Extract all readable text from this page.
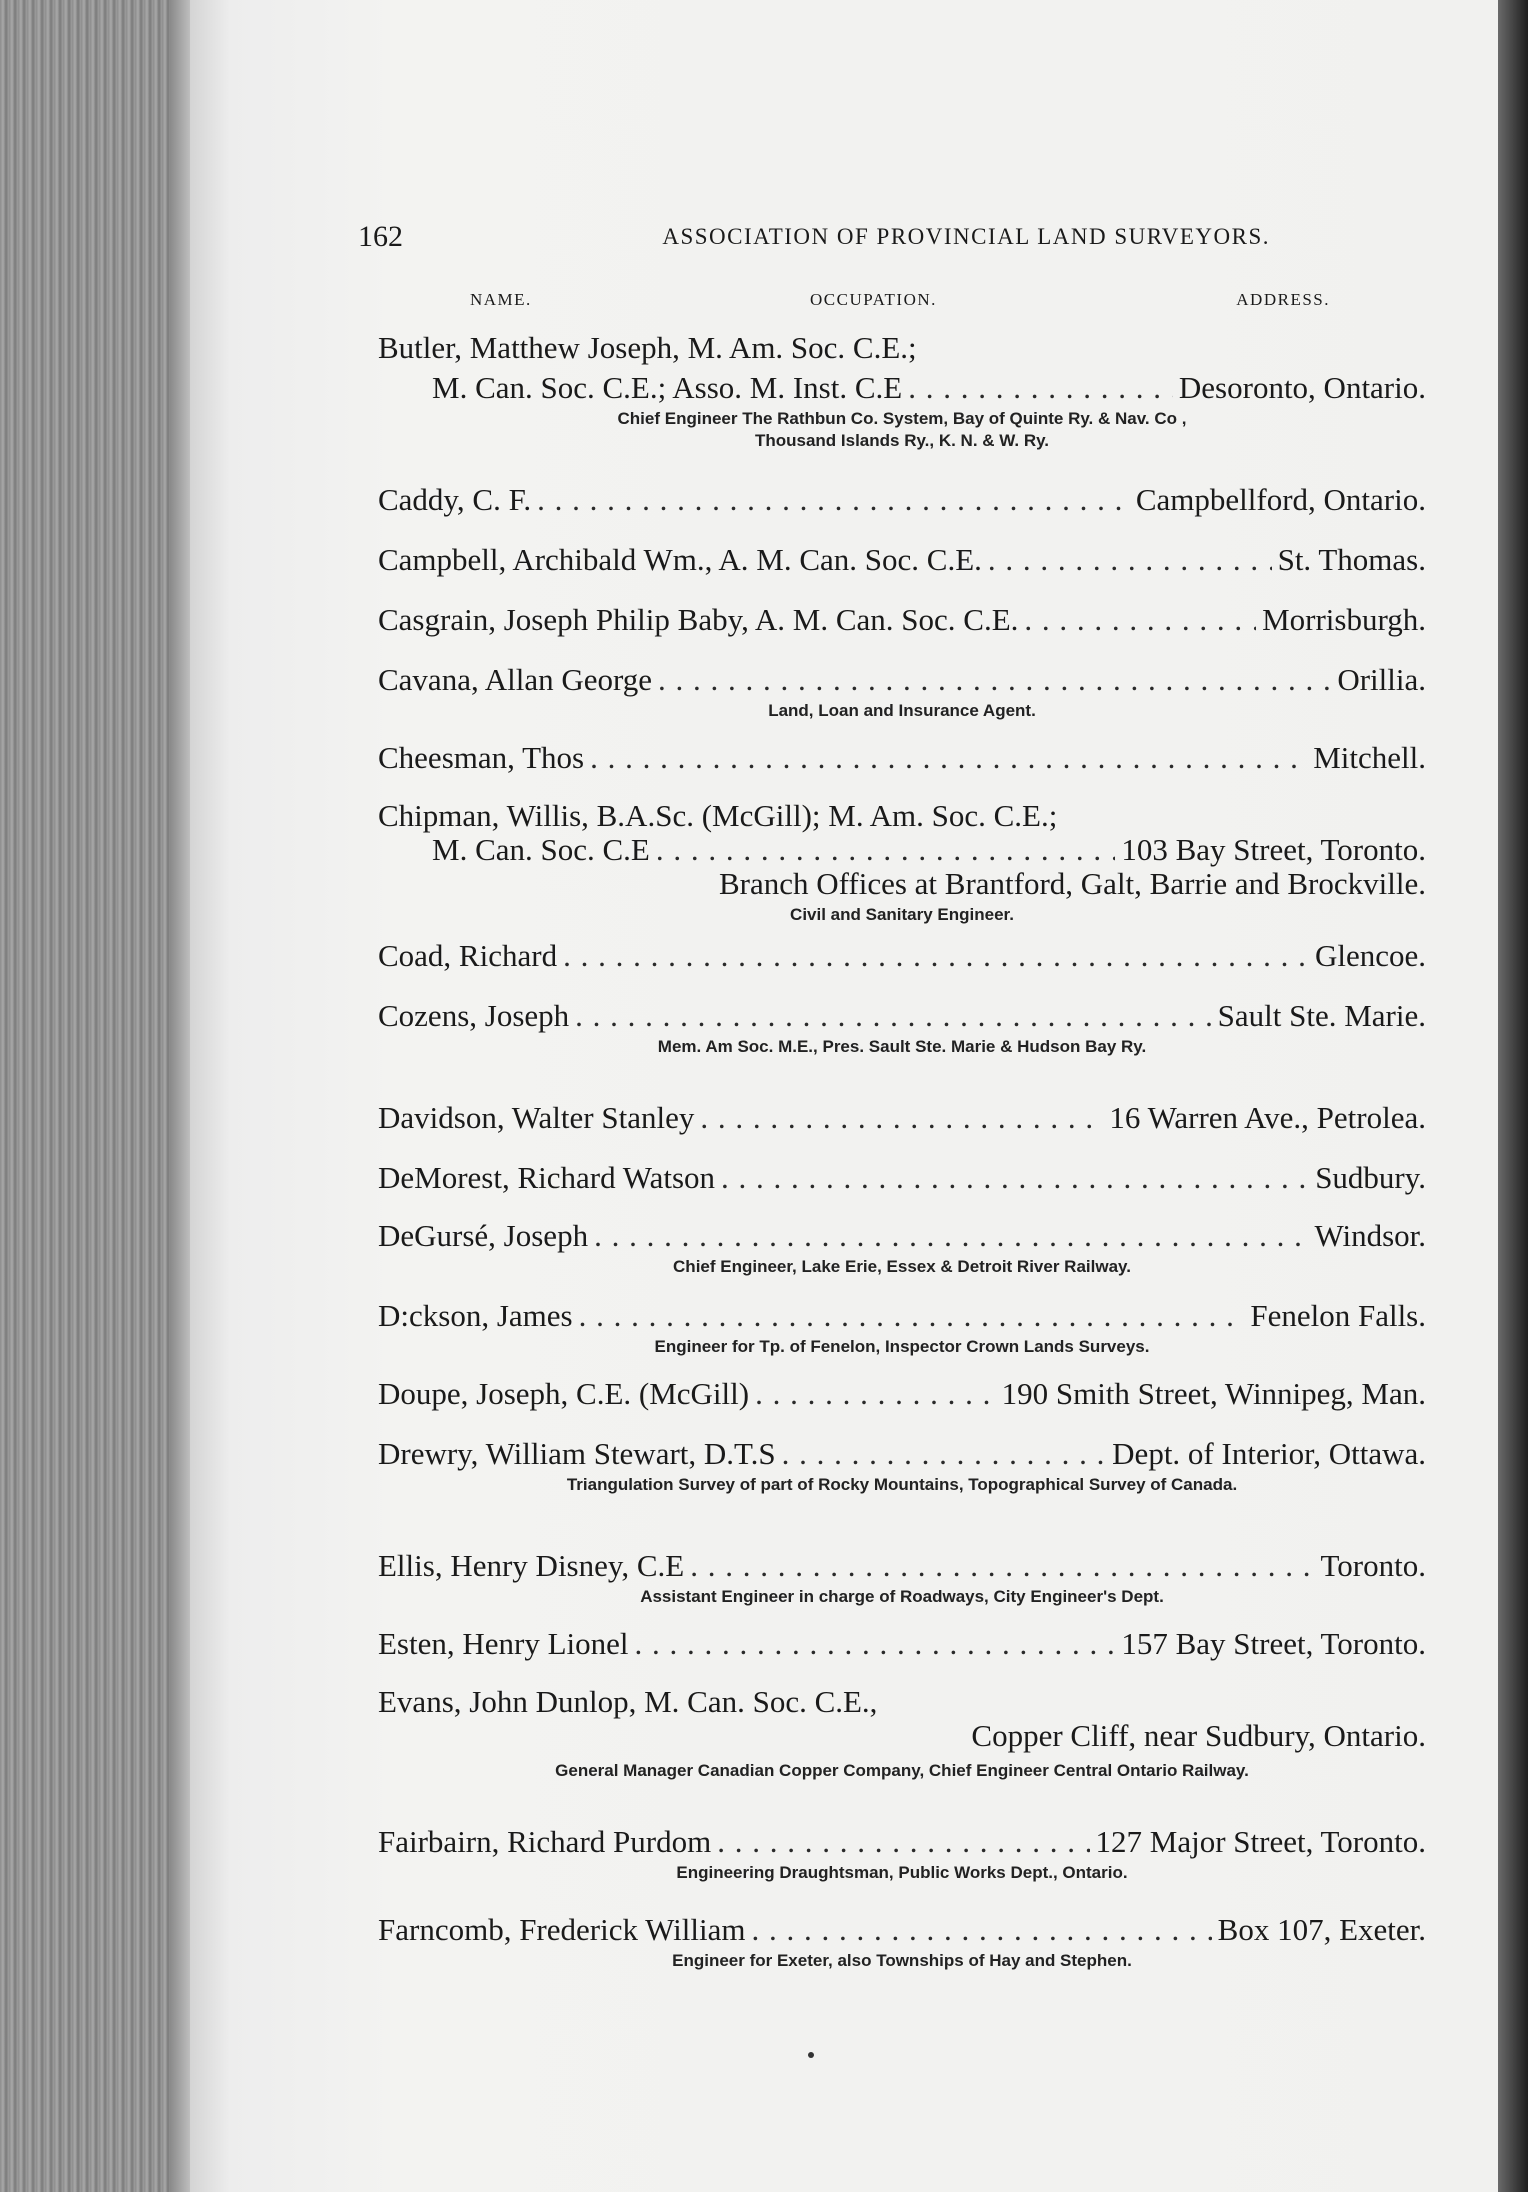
162	ASSOCIATION OF PROVINCIAL LAND SURVEYORS.
NAME.	OCCUPATION.	ADDRESS.
Butler, Matthew Joseph, M. Am. Soc. C.E.;
M. Can. Soc. C.E.; Asso. M. Inst. C.E . . .	Desoronto, Ontario.
Chief Engineer The Rathbun Co. System, Bay of Quinte Ry. & Nav. Co ,
Thousand Islands Ry., K. N. & W. Ry.
Caddy, C. F. . . .	Campbellford, Ontario.
Campbell, Archibald Wm., A. M. Can. Soc. C.E. . . .	St. Thomas.
Casgrain, Joseph Philip Baby, A. M. Can. Soc. C.E. . . .	Morrisburgh.
Cavana, Allan George . . .	Orillia.
Land, Loan and Insurance Agent.
Cheesman, Thos . . .	Mitchell.
Chipman, Willis, B.A.Sc. (McGill); M. Am. Soc. C.E.;
M. Can. Soc. C.E . . .	103 Bay Street, Toronto.
Branch Offices at Brantford, Galt, Barrie and Brockville.
Civil and Sanitary Engineer.
Coad, Richard . . .	Glencoe.
Cozens, Joseph . . .	Sault Ste. Marie.
Mem. Am Soc. M.E., Pres. Sault Ste. Marie & Hudson Bay Ry.
Davidson, Walter Stanley . . .	16 Warren Ave., Petrolea.
DeMorest, Richard Watson . . .	Sudbury.
DeGursé, Joseph . . .	Windsor.
Chief Engineer, Lake Erie, Essex & Detroit River Railway.
D:ckson, James . . .	Fenelon Falls.
Engineer for Tp. of Fenelon, Inspector Crown Lands Surveys.
Doupe, Joseph, C.E. (McGill) . . .	190 Smith Street, Winnipeg, Man.
Drewry, William Stewart, D.T.S . . .	Dept. of Interior, Ottawa.
Triangulation Survey of part of Rocky Mountains, Topographical Survey of Canada.
Ellis, Henry Disney, C.E . . .	Toronto.
Assistant Engineer in charge of Roadways, City Engineer's Dept.
Esten, Henry Lionel . . .	157 Bay Street, Toronto.
Evans, John Dunlop, M. Can. Soc. C.E.,
Copper Cliff, near Sudbury, Ontario.
General Manager Canadian Copper Company, Chief Engineer Central Ontario Railway.
Fairbairn, Richard Purdom . . .	127 Major Street, Toronto.
Engineering Draughtsman, Public Works Dept., Ontario.
Farncomb, Frederick William . . .	Box 107, Exeter.
Engineer for Exeter, also Townships of Hay and Stephen.
